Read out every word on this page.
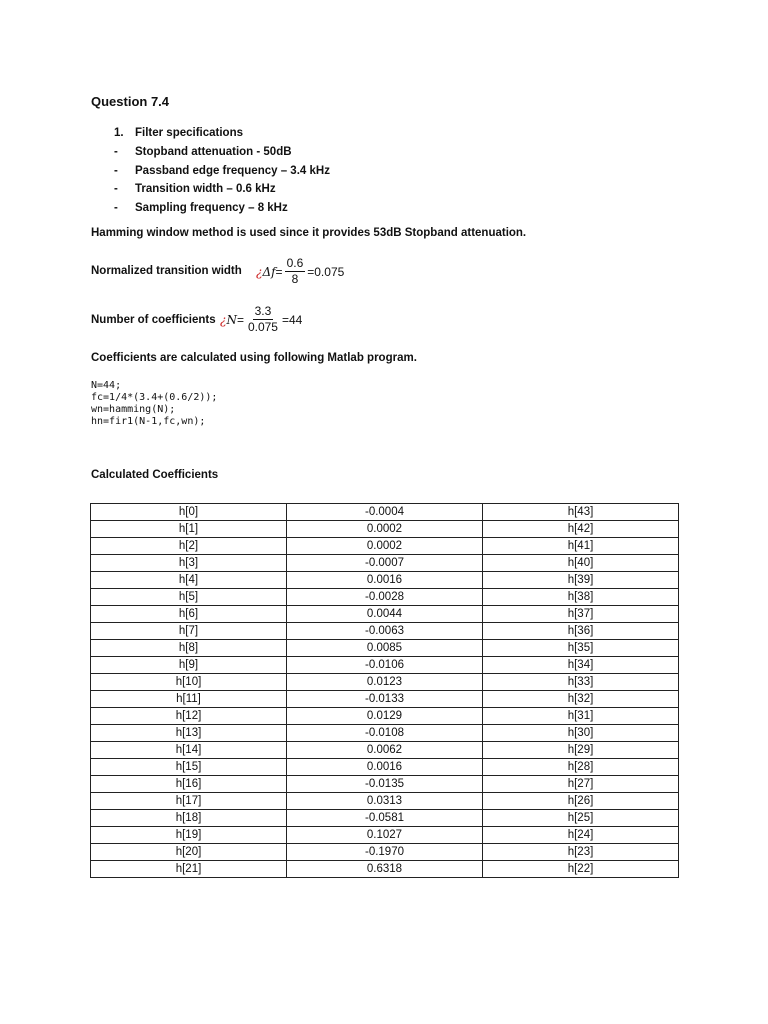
Question 7.4
1. Filter specifications
- Stopband attenuation - 50dB
- Passband edge frequency – 3.4 kHz
- Transition width – 0.6 kHz
- Sampling frequency – 8 kHz
Hamming window method is used since it provides 53dB Stopband attenuation.
Normalized transition width ¿ $\Delta f = \frac{0.6}{8} =0.075$
Number of coefficients ¿ $N = \frac{3.3}{0.075} =44$
Coefficients are calculated using following Matlab program.
N=44;
fc=1/4*(3.4+(0.6/2));
wn=hamming(N);
hn=fir1(N-1,fc,wn);
Calculated Coefficients
h[0]	-0.0004	h[43]
h[1]	0.0002	h[42]
h[2]	0.0002	h[41]
h[3]	-0.0007	h[40]
h[4]	0.0016	h[39]
h[5]	-0.0028	h[38]
h[6]	0.0044	h[37]
h[7]	-0.0063	h[36]
h[8]	0.0085	h[35]
h[9]	-0.0106	h[34]
h[10]	0.0123	h[33]
h[11]	-0.0133	h[32]
h[12]	0.0129	h[31]
h[13]	-0.0108	h[30]
h[14]	0.0062	h[29]
h[15]	0.0016	h[28]
h[16]	-0.0135	h[27]
h[17]	0.0313	h[26]
h[18]	-0.0581	h[25]
h[19]	0.1027	h[24]
h[20]	-0.1970	h[23]
h[21]	0.6318	h[22]
